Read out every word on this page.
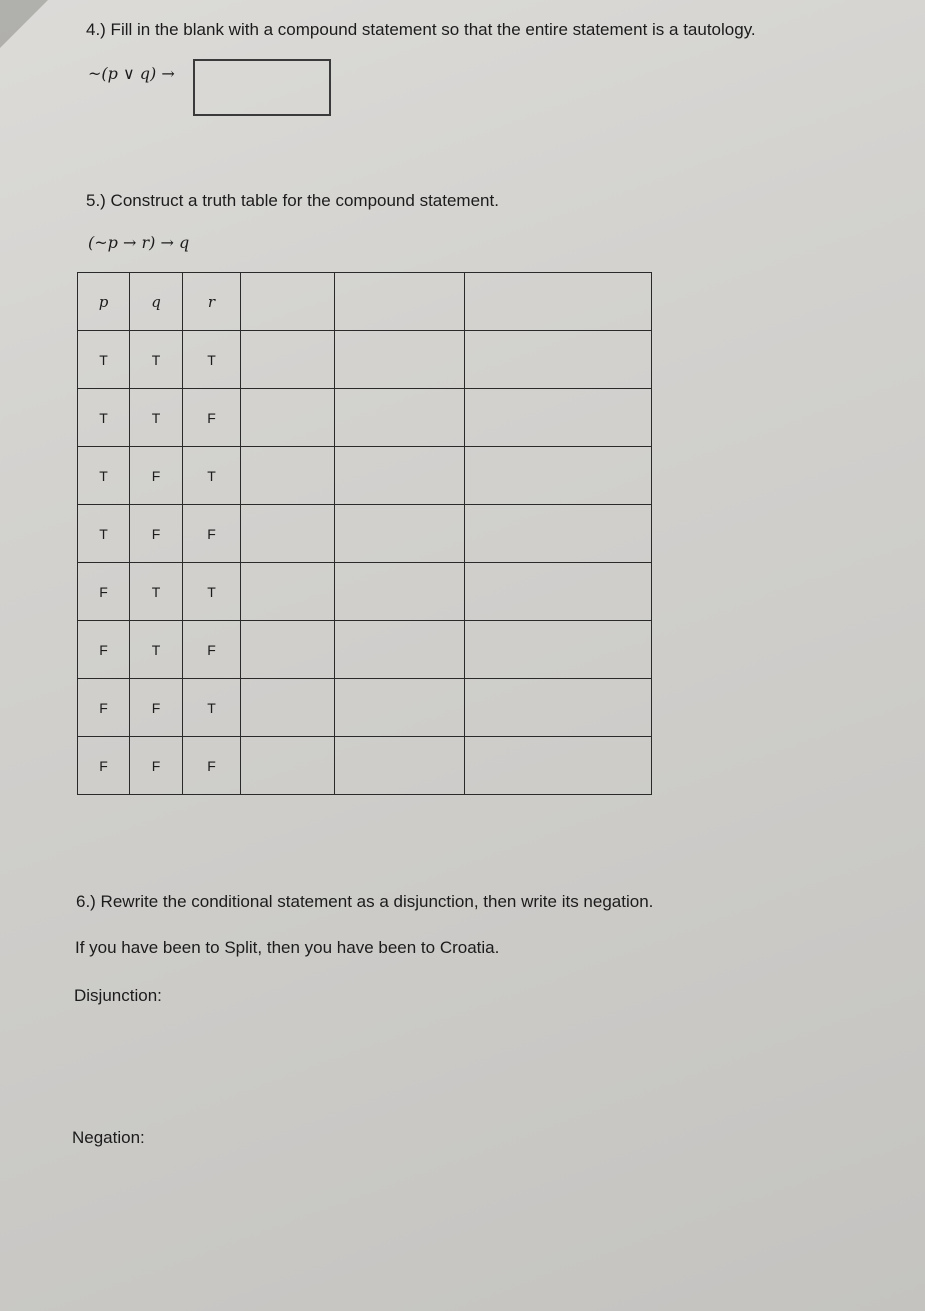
4.) Fill in the blank with a compound statement so that the entire statement is a tautology.
~(p ∨ q) →
5.) Construct a truth table for the compound statement.
(~p → r) → q
p	q	r			
T	T	T			
T	T	F			
T	F	T			
T	F	F			
F	T	T			
F	T	F			
F	F	T			
F	F	F			
6.) Rewrite the conditional statement as a disjunction, then write its negation.
If you have been to Split, then you have been to Croatia.
Disjunction:
Negation:
